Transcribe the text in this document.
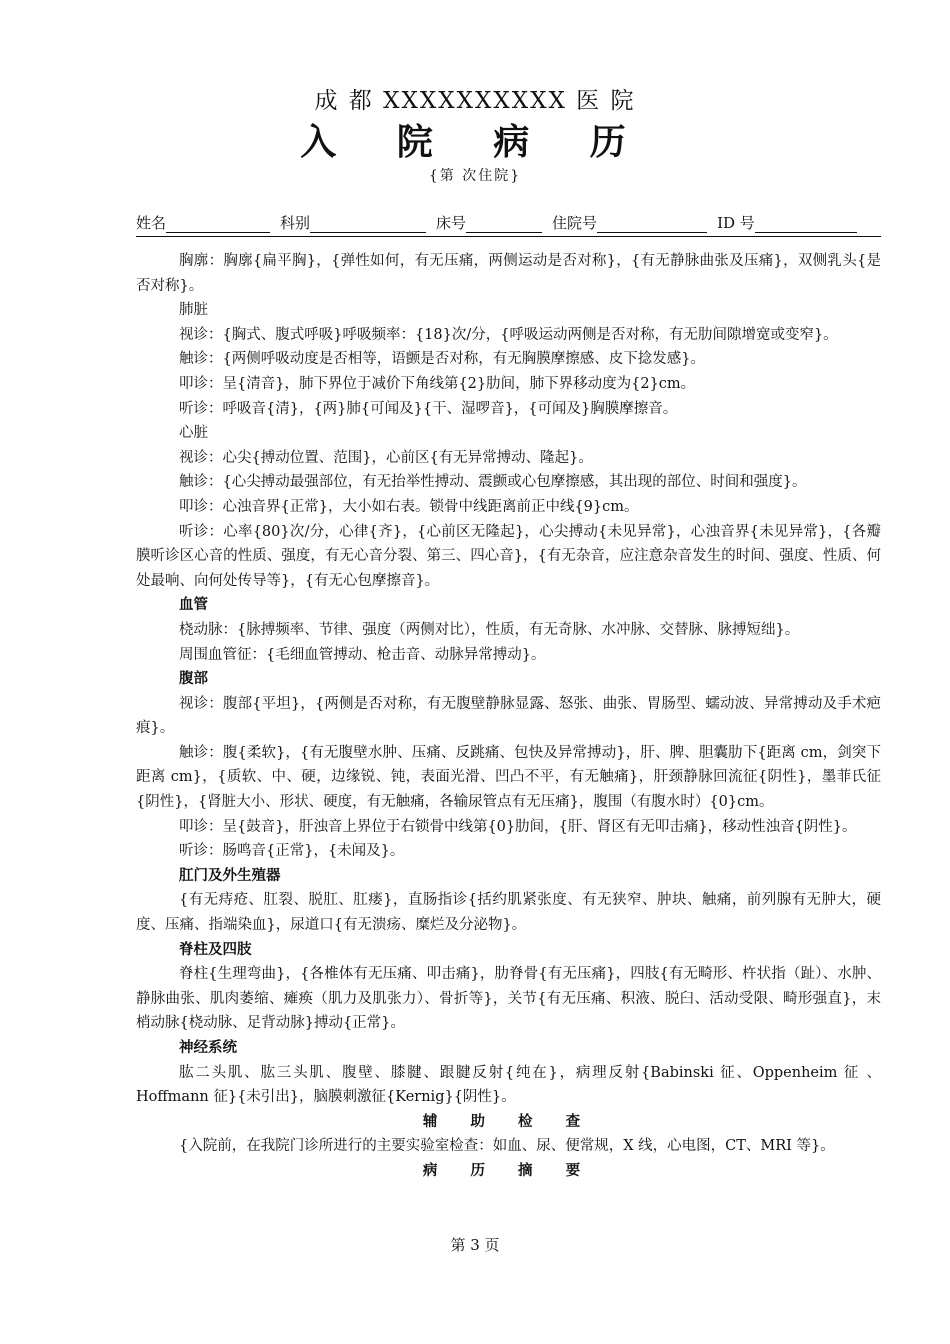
成 都 XXXXXXXXXX 医 院
入 院 病 历
{第 次住院}
姓名	科别	床号	住院号	ID 号

胸廓：胸廓{扁平胸}，{弹性如何，有无压痛，两侧运动是否对称}，{有无静脉曲张及压痛}，双侧乳头{是否对称}。

肺脏

视诊：{胸式、腹式呼吸}呼吸频率：{18}次/分，{呼吸运动两侧是否对称，有无肋间隙增宽或变窄}。

触诊：{两侧呼吸动度是否相等，语颤是否对称，有无胸膜摩擦感、皮下捻发感}。

叩诊：呈{清音}，肺下界位于减价下角线第{2}肋间，肺下界移动度为{2}cm。

听诊：呼吸音{清}，{两}肺{可闻及}{干、湿啰音}，{可闻及}胸膜摩擦音。

心脏

视诊：心尖{搏动位置、范围}，心前区{有无异常搏动、隆起}。

触诊：{心尖搏动最强部位，有无抬举性搏动、震颤或心包摩擦感，其出现的部位、时间和强度}。

叩诊：心浊音界{正常}，大小如右表。锁骨中线距离前正中线{9}cm。

听诊：心率{80}次/分，心律{齐}，{心前区无隆起}，心尖搏动{未见异常}，心浊音界{未见异常}，{各瓣膜听诊区心音的性质、强度，有无心音分裂、第三、四心音}，{有无杂音，应注意杂音发生的时间、强度、性质、何处最响、向何处传导等}，{有无心包摩擦音}。

血管

桡动脉：{脉搏频率、节律、强度（两侧对比），性质，有无奇脉、水冲脉、交替脉、脉搏短绌}。

周围血管征：{毛细血管搏动、枪击音、动脉异常搏动}。

腹部

视诊：腹部{平坦}，{两侧是否对称，有无腹壁静脉显露、怒张、曲张、胃肠型、蠕动波、异常搏动及手术疤痕}。

触诊：腹{柔软}，{有无腹壁水肿、压痛、反跳痛、包快及异常搏动}，肝、脾、胆囊肋下{距离 cm，剑突下距离 cm}，{质软、中、硬，边缘锐、钝，表面光滑、凹凸不平，有无触痛}，肝颈静脉回流征{阴性}，墨菲氏征{阴性}，{肾脏大小、形状、硬度，有无触痛，各输尿管点有无压痛}，腹围（有腹水时）{0}cm。

叩诊：呈{鼓音}，肝浊音上界位于右锁骨中线第{0}肋间，{肝、肾区有无叩击痛}，移动性浊音{阴性}。

听诊：肠鸣音{正常}，{未闻及}。

肛门及外生殖器

{有无痔疮、肛裂、脱肛、肛瘘}，直肠指诊{括约肌紧张度、有无狭窄、肿块、触痛，前列腺有无肿大，硬度、压痛、指端染血}，尿道口{有无溃疡、糜烂及分泌物}。

脊柱及四肢

脊柱{生理弯曲}，{各椎体有无压痛、叩击痛}，肋脊骨{有无压痛}，四肢{有无畸形、杵状指（趾）、水肿、静脉曲张、肌肉萎缩、瘫痪（肌力及肌张力）、骨折等}，关节{有无压痛、积液、脱臼、活动受限、畸形强直}，末梢动脉{桡动脉、足背动脉}搏动{正常}。

神经系统

肱二头肌、肱三头肌、腹壁、膝腱、跟腱反射{纯在}，病理反射{Babinski 征、Oppenheim 征 、Hoffmann 征}{未引出}，脑膜刺激征{Kernig}{阴性}。

辅 助 检 查

{入院前，在我院门诊所进行的主要实验室检查：如血、尿、便常规，X 线，心电图，CT、MRI 等}。

病 历 摘 要

第 3 页
